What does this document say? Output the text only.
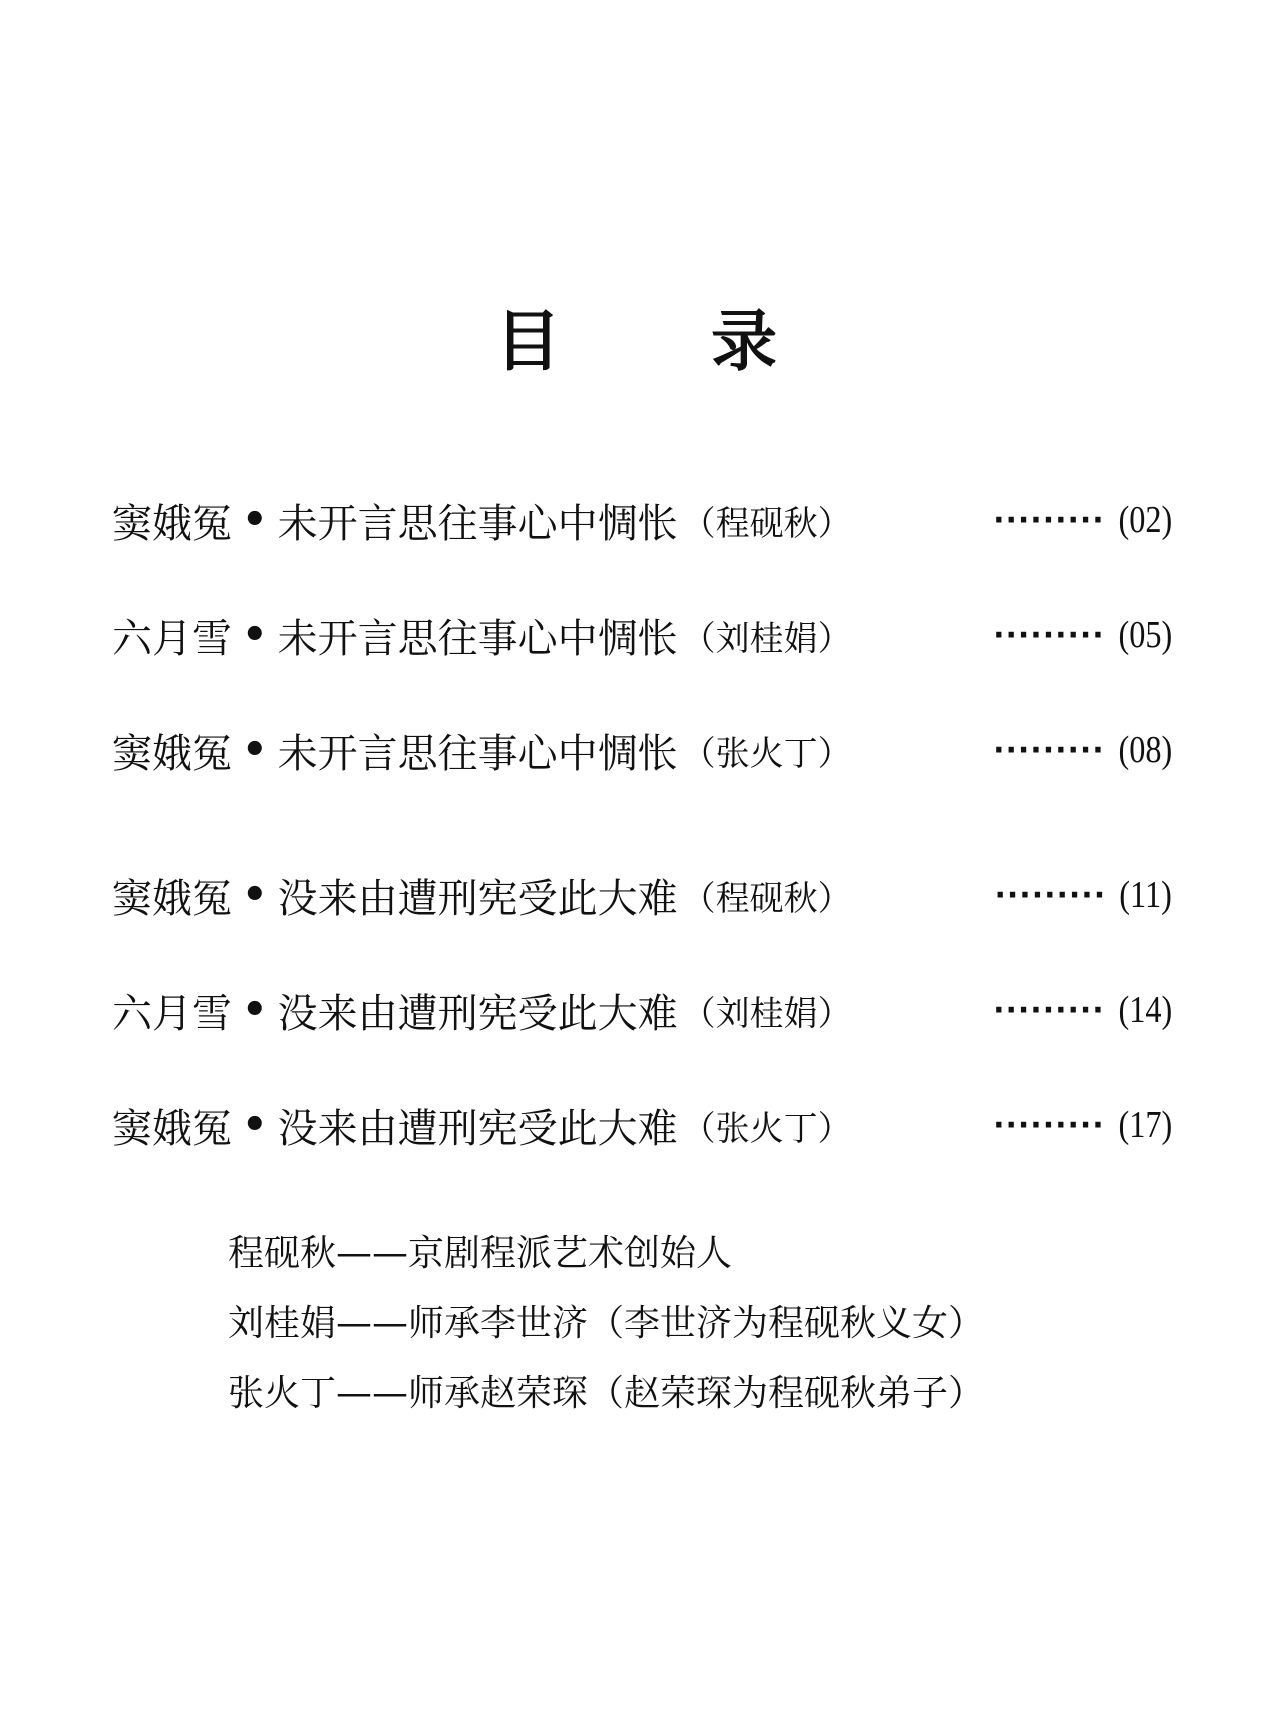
目 录
窦娥冤 • 未开言思往事心中惆怅 （程砚秋）	········· (02)
六月雪 • 未开言思往事心中惆怅 （刘桂娟）	········· (05)
窦娥冤 • 未开言思往事心中惆怅 （张火丁）	········· (08)
窦娥冤 • 没来由遭刑宪受此大难 （程砚秋）	········· (11)
六月雪 • 没来由遭刑宪受此大难 （刘桂娟）	········· (14)
窦娥冤 • 没来由遭刑宪受此大难 （张火丁）	········· (17)
程砚秋——京剧程派艺术创始人
刘桂娟——师承李世济（李世济为程砚秋义女）
张火丁——师承赵荣琛（赵荣琛为程砚秋弟子）
